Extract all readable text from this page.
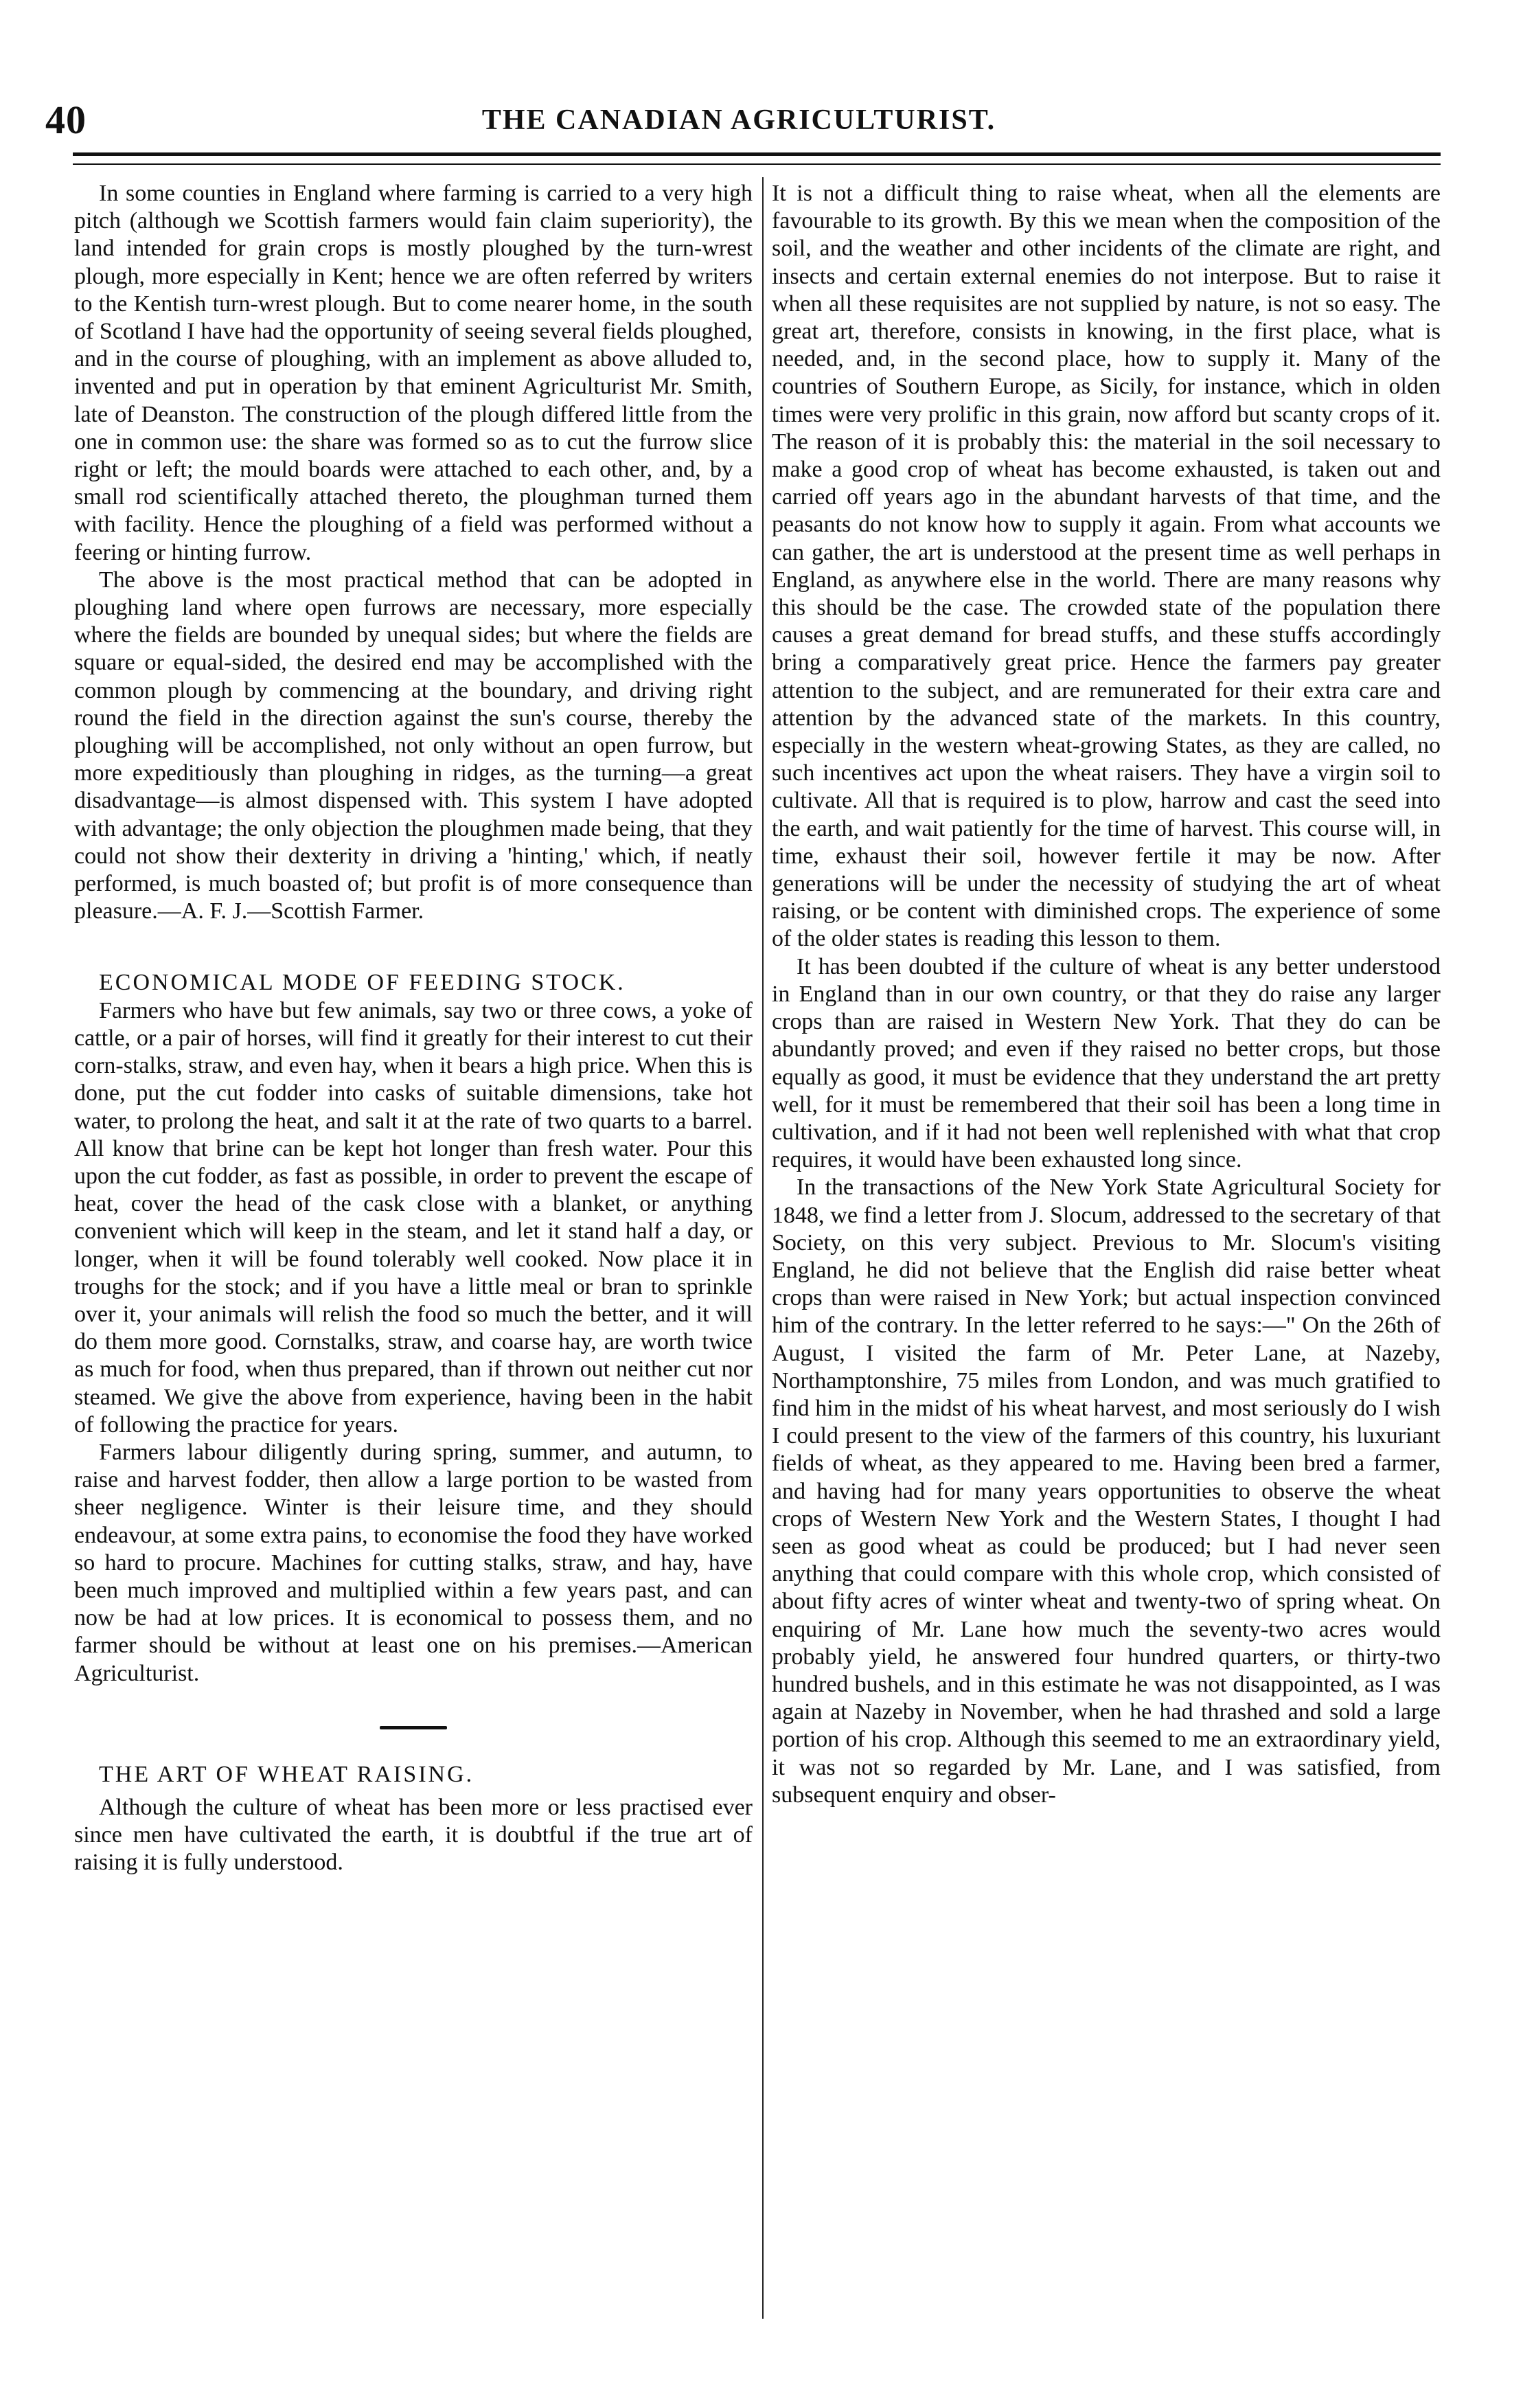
40	THE CANADIAN AGRICULTURIST.

In some counties in England where farming is carried to a very high pitch (although we Scottish farmers would fain claim superiority), the land intended for grain crops is mostly ploughed by the turn-wrest plough, more especially in Kent; hence we are often referred by writers to the Kentish turn-wrest plough. But to come nearer home, in the south of Scotland I have had the opportunity of seeing several fields ploughed, and in the course of ploughing, with an implement as above alluded to, invented and put in operation by that eminent Agriculturist Mr. Smith, late of Deanston. The construction of the plough differed little from the one in common use: the share was formed so as to cut the furrow slice right or left; the mould boards were attached to each other, and, by a small rod scientifically attached thereto, the ploughman turned them with facility. Hence the ploughing of a field was performed without a feering or hinting furrow.

The above is the most practical method that can be adopted in ploughing land where open furrows are necessary, more especially where the fields are bounded by unequal sides; but where the fields are square or equal-sided, the desired end may be accomplished with the common plough by commencing at the boundary, and driving right round the field in the direction against the sun's course, thereby the ploughing will be accomplished, not only without an open furrow, but more expeditiously than ploughing in ridges, as the turning—a great disadvantage—is almost dispensed with. This system I have adopted with advantage; the only objection the ploughmen made being, that they could not show their dexterity in driving a 'hinting,' which, if neatly performed, is much boasted of; but profit is of more consequence than pleasure.—A. F. J.—Scottish Farmer.

ECONOMICAL MODE OF FEEDING STOCK.

Farmers who have but few animals, say two or three cows, a yoke of cattle, or a pair of horses, will find it greatly for their interest to cut their corn-stalks, straw, and even hay, when it bears a high price. When this is done, put the cut fodder into casks of suitable dimensions, take hot water, to prolong the heat, and salt it at the rate of two quarts to a barrel. All know that brine can be kept hot longer than fresh water. Pour this upon the cut fodder, as fast as possible, in order to prevent the escape of heat, cover the head of the cask close with a blanket, or anything convenient which will keep in the steam, and let it stand half a day, or longer, when it will be found tolerably well cooked. Now place it in troughs for the stock; and if you have a little meal or bran to sprinkle over it, your animals will relish the food so much the better, and it will do them more good. Cornstalks, straw, and coarse hay, are worth twice as much for food, when thus prepared, than if thrown out neither cut nor steamed. We give the above from experience, having been in the habit of following the practice for years.

Farmers labour diligently during spring, summer, and autumn, to raise and harvest fodder, then allow a large portion to be wasted from sheer negligence. Winter is their leisure time, and they should endeavour, at some extra pains, to economise the food they have worked so hard to procure. Machines for cutting stalks, straw, and hay, have been much improved and multiplied within a few years past, and can now be had at low prices. It is economical to possess them, and no farmer should be without at least one on his premises.—American Agriculturist.

THE ART OF WHEAT RAISING.

Although the culture of wheat has been more or less practised ever since men have cultivated the earth, it is doubtful if the true art of raising it is fully understood.

It is not a difficult thing to raise wheat, when all the elements are favourable to its growth. By this we mean when the composition of the soil, and the weather and other incidents of the climate are right, and insects and certain external enemies do not interpose. But to raise it when all these requisites are not supplied by nature, is not so easy. The great art, therefore, consists in knowing, in the first place, what is needed, and, in the second place, how to supply it. Many of the countries of Southern Europe, as Sicily, for instance, which in olden times were very prolific in this grain, now afford but scanty crops of it. The reason of it is probably this: the material in the soil necessary to make a good crop of wheat has become exhausted, is taken out and carried off years ago in the abundant harvests of that time, and the peasants do not know how to supply it again. From what accounts we can gather, the art is understood at the present time as well perhaps in England, as anywhere else in the world. There are many reasons why this should be the case. The crowded state of the population there causes a great demand for bread stuffs, and these stuffs accordingly bring a comparatively great price. Hence the farmers pay greater attention to the subject, and are remunerated for their extra care and attention by the advanced state of the markets. In this country, especially in the western wheat-growing States, as they are called, no such incentives act upon the wheat raisers. They have a virgin soil to cultivate. All that is required is to plow, harrow and cast the seed into the earth, and wait patiently for the time of harvest. This course will, in time, exhaust their soil, however fertile it may be now. After generations will be under the necessity of studying the art of wheat raising, or be content with diminished crops. The experience of some of the older states is reading this lesson to them.

It has been doubted if the culture of wheat is any better understood in England than in our own country, or that they do raise any larger crops than are raised in Western New York. That they do can be abundantly proved; and even if they raised no better crops, but those equally as good, it must be evidence that they understand the art pretty well, for it must be remembered that their soil has been a long time in cultivation, and if it had not been well replenished with what that crop requires, it would have been exhausted long since.

In the transactions of the New York State Agricultural Society for 1848, we find a letter from J. Slocum, addressed to the secretary of that Society, on this very subject. Previous to Mr. Slocum's visiting England, he did not believe that the English did raise better wheat crops than were raised in New York; but actual inspection convinced him of the contrary. In the letter referred to he says:—" On the 26th of August, I visited the farm of Mr. Peter Lane, at Nazeby, Northamptonshire, 75 miles from London, and was much gratified to find him in the midst of his wheat harvest, and most seriously do I wish I could present to the view of the farmers of this country, his luxuriant fields of wheat, as they appeared to me. Having been bred a farmer, and having had for many years opportunities to observe the wheat crops of Western New York and the Western States, I thought I had seen as good wheat as could be produced; but I had never seen anything that could compare with this whole crop, which consisted of about fifty acres of winter wheat and twenty-two of spring wheat. On enquiring of Mr. Lane how much the seventy-two acres would probably yield, he answered four hundred quarters, or thirty-two hundred bushels, and in this estimate he was not disappointed, as I was again at Nazeby in November, when he had thrashed and sold a large portion of his crop. Although this seemed to me an extraordinary yield, it was not so regarded by Mr. Lane, and I was satisfied, from subsequent enquiry and obser-
